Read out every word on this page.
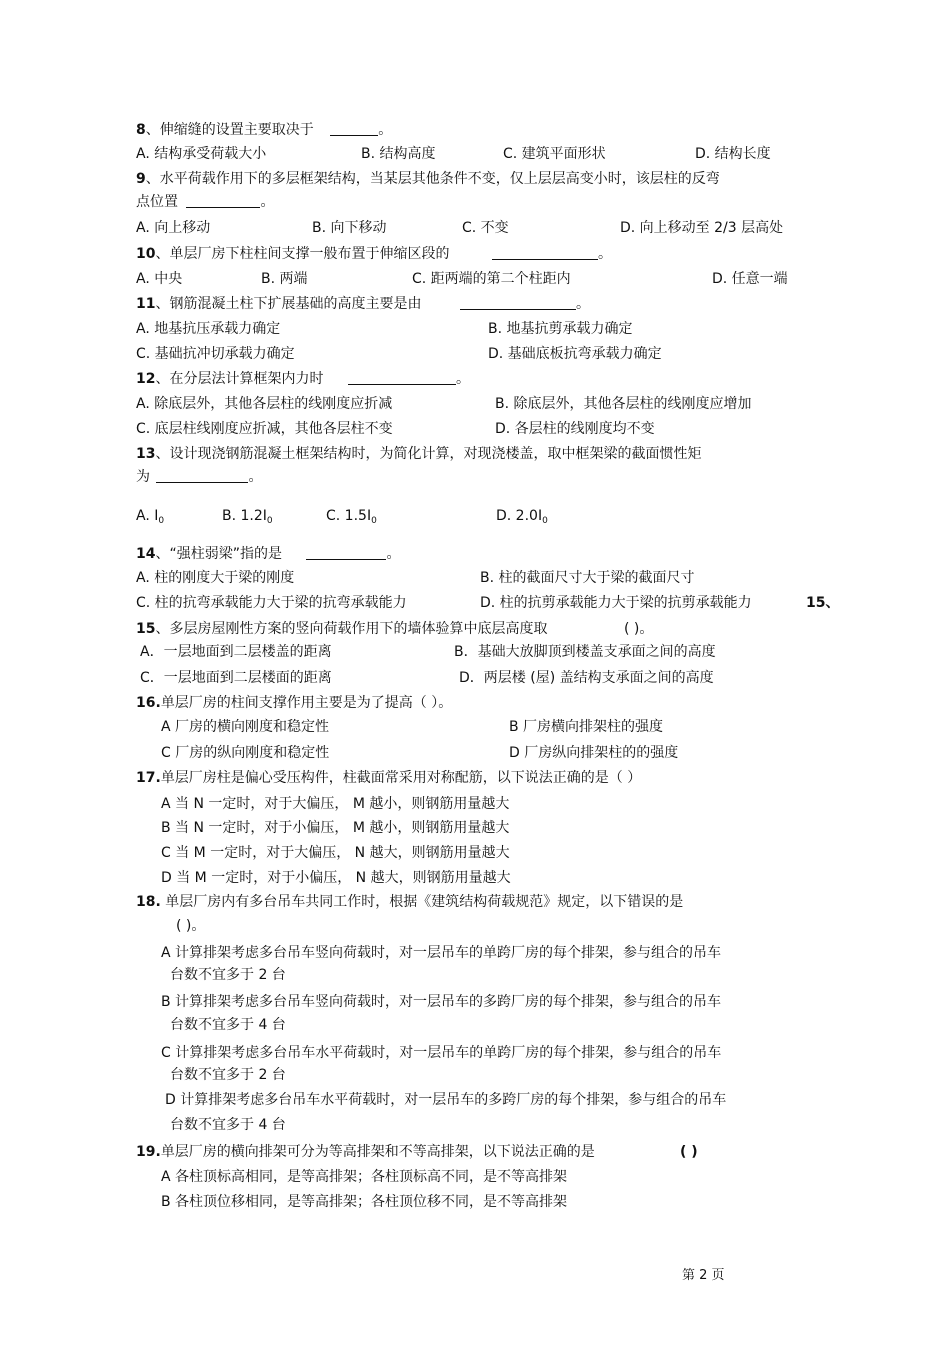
8、伸缩缝的设置主要取决于	。
A. 结构承受荷载大小	B. 结构高度	C. 建筑平面形状	D. 结构长度
9、水平荷载作用下的多层框架结构，当某层其他条件不变，仅上层层高变小时，该层柱的反弯
点位置	。
A. 向上移动	B. 向下移动	C. 不变	D. 向上移动至 2/3 层高处
10、单层厂房下柱柱间支撑一般布置于伸缩区段的	。
A. 中央	B. 两端	C. 距两端的第二个柱距内	D. 任意一端
11、钢筋混凝土柱下扩展基础的高度主要是由	。
A. 地基抗压承载力确定	B. 地基抗剪承载力确定
C. 基础抗冲切承载力确定	D. 基础底板抗弯承载力确定
12、在分层法计算框架内力时	。
A. 除底层外，其他各层柱的线刚度应折减	B. 除底层外，其他各层柱的线刚度应增加
C. 底层柱线刚度应折减，其他各层柱不变	D. 各层柱的线刚度均不变
13、设计现浇钢筋混凝土框架结构时，为简化计算，对现浇楼盖，取中框架梁的截面惯性矩
为	。
A. $I_0$	B. $1.2I_0$	C. $1.5I_0$	D. $2.0I_0$
14、“强柱弱梁”指的是	。
A. 柱的刚度大于梁的刚度	B. 柱的截面尺寸大于梁的截面尺寸
C. 柱的抗弯承载能力大于梁的抗弯承载能力	D. 柱的抗剪承载能力大于梁的抗剪承载能力	15、
15、多层房屋刚性方案的竖向荷载作用下的墙体验算中底层高度取	( )。
A．一层地面到二层楼盖的距离	B．基础大放脚顶到楼盖支承面之间的高度
C．一层地面到二层楼面的距离	D．两层楼 (屋) 盖结构支承面之间的高度
16.单层厂房的柱间支撑作用主要是为了提高（ ）。
A 厂房的横向刚度和稳定性	B 厂房横向排架柱的强度
C 厂房的纵向刚度和稳定性	D 厂房纵向排架柱的的强度
17.单层厂房柱是偏心受压构件，柱截面常采用对称配筋，以下说法正确的是（ ）
A 当 N 一定时，对于大偏压， M 越小，则钢筋用量越大
B 当 N 一定时，对于小偏压， M 越小，则钢筋用量越大
C 当 M 一定时，对于大偏压， N 越大，则钢筋用量越大
D 当 M 一定时，对于小偏压， N 越大，则钢筋用量越大
18. 单层厂房内有多台吊车共同工作时，根据《建筑结构荷载规范》规定，以下错误的是
( )。
A 计算排架考虑多台吊车竖向荷载时，对一层吊车的单跨厂房的每个排架，参与组合的吊车
台数不宜多于 2 台
B 计算排架考虑多台吊车竖向荷载时，对一层吊车的多跨厂房的每个排架，参与组合的吊车
台数不宜多于 4 台
C 计算排架考虑多台吊车水平荷载时，对一层吊车的单跨厂房的每个排架，参与组合的吊车
台数不宜多于 2 台
D 计算排架考虑多台吊车水平荷载时，对一层吊车的多跨厂房的每个排架，参与组合的吊车
台数不宜多于 4 台
19.单层厂房的横向排架可分为等高排架和不等高排架，以下说法正确的是	( )
A 各柱顶标高相同，是等高排架；各柱顶标高不同，是不等高排架
B 各柱顶位移相同，是等高排架；各柱顶位移不同，是不等高排架
第 2 页
